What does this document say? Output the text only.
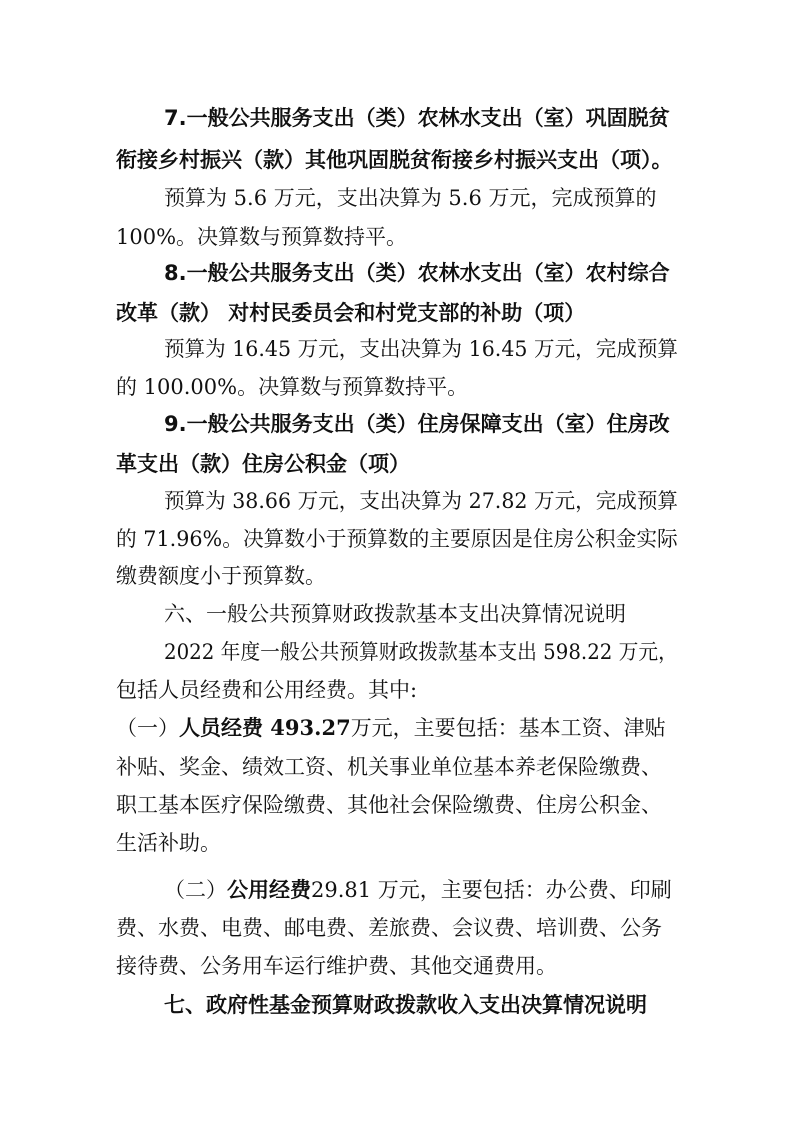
7.一般公共服务支出（类）农林水支出（室）巩固脱贫
衔接乡村振兴（款）其他巩固脱贫衔接乡村振兴支出（项）。
预算为 5.6 万元，支出决算为 5.6 万元，完成预算的
100%。决算数与预算数持平。
8.一般公共服务支出（类）农林水支出（室）农村综合
改革（款） 对村民委员会和村党支部的补助（项）
预算为 16.45 万元，支出决算为 16.45 万元，完成预算
的 100.00%。决算数与预算数持平。
9.一般公共服务支出（类）住房保障支出（室）住房改
革支出（款）住房公积金（项）
预算为 38.66 万元，支出决算为 27.82 万元，完成预算
的 71.96%。决算数小于预算数的主要原因是住房公积金实际
缴费额度小于预算数。
六、一般公共预算财政拨款基本支出决算情况说明
2022 年度一般公共预算财政拨款基本支出 598.22 万元，
包括人员经费和公用经费。其中:
（一）人员经费 493.27万元，主要包括：基本工资、津贴
补贴、奖金、绩效工资、机关事业单位基本养老保险缴费、
职工基本医疗保险缴费、其他社会保险缴费、住房公积金、
生活补助。
（二）公用经费29.81 万元，主要包括：办公费、印刷
费、水费、电费、邮电费、差旅费、会议费、培训费、公务
接待费、公务用车运行维护费、其他交通费用。
七、政府性基金预算财政拨款收入支出决算情况说明
